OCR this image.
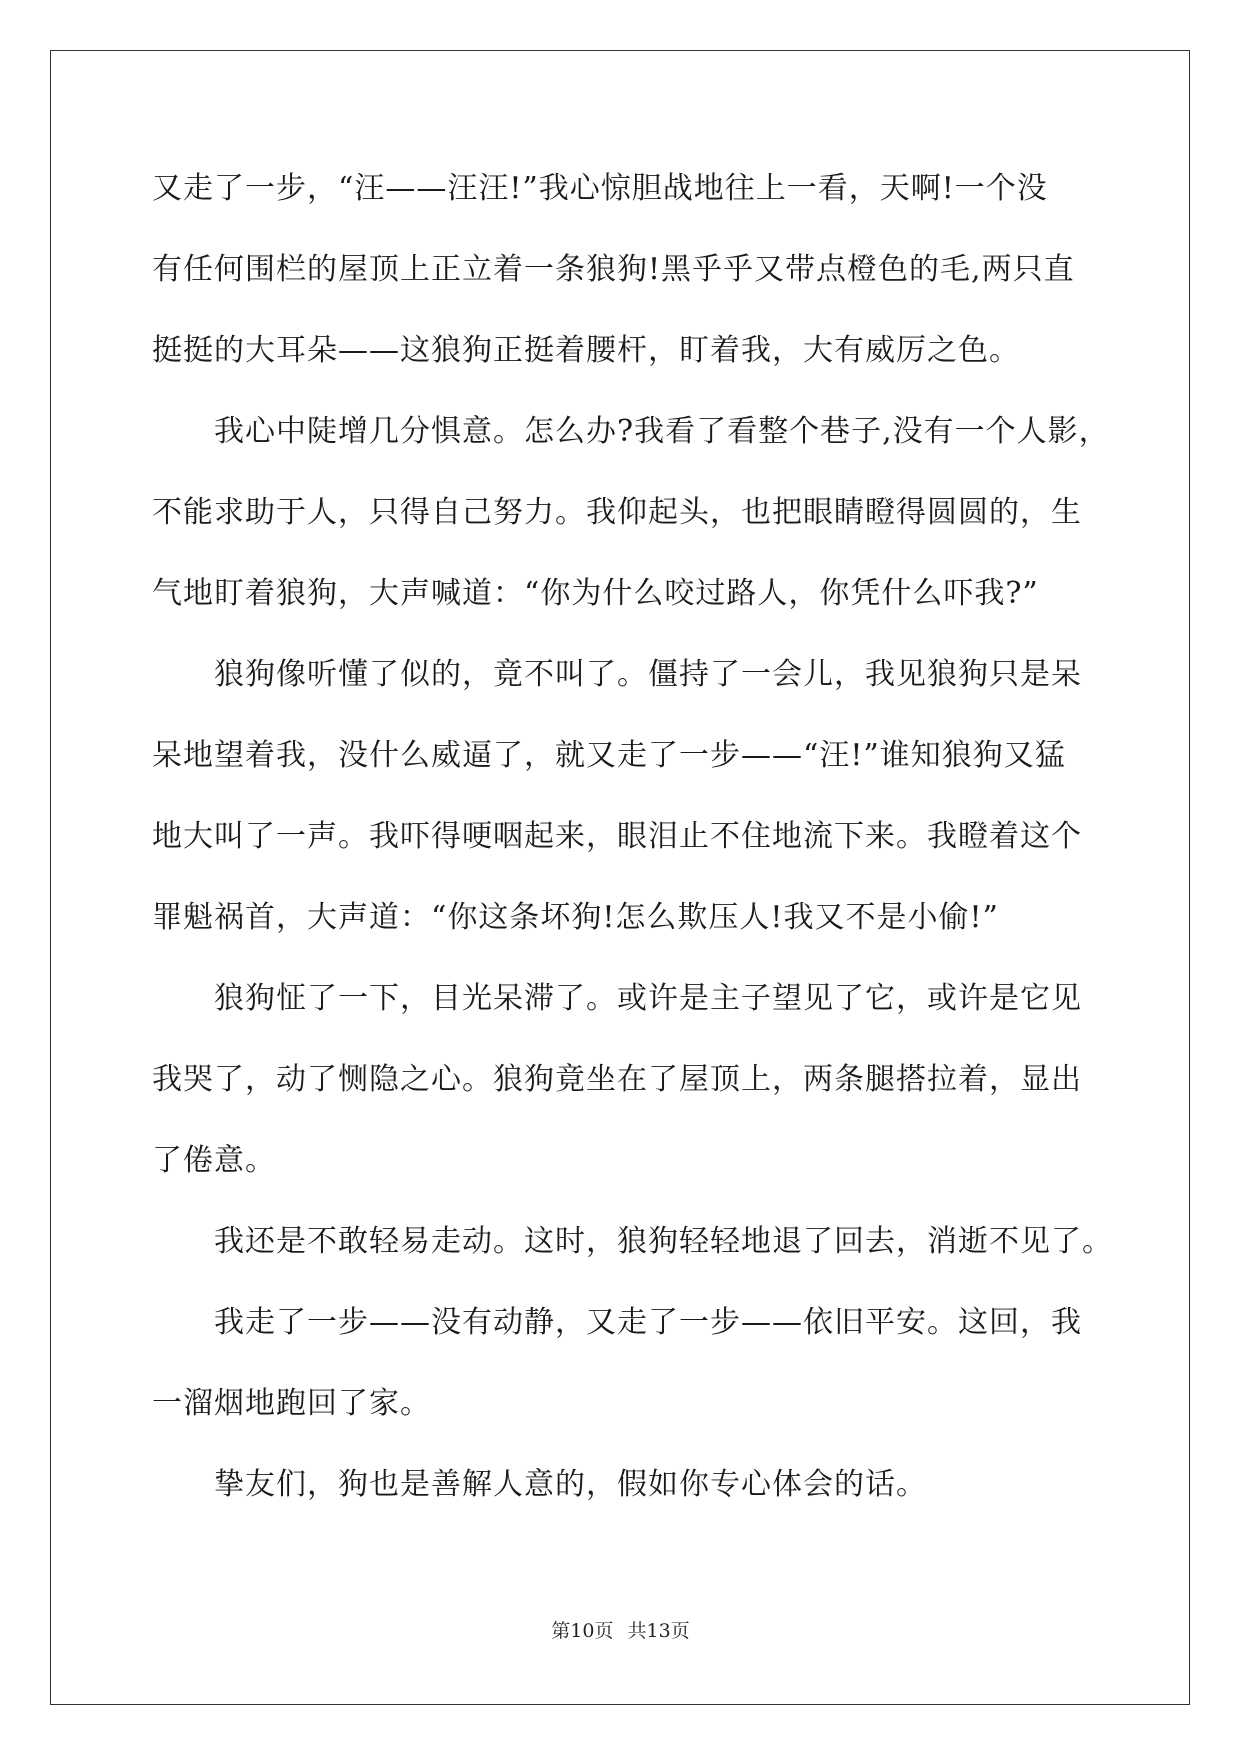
又走了一步，“汪——汪汪!”我心惊胆战地往上一看，天啊!一个没
有任何围栏的屋顶上正立着一条狼狗!黑乎乎又带点橙色的毛,两只直
挺挺的大耳朵——这狼狗正挺着腰杆，盯着我，大有威厉之色。
我心中陡增几分惧意。怎么办?我看了看整个巷子,没有一个人影，
不能求助于人，只得自己努力。我仰起头，也把眼睛瞪得圆圆的，生
气地盯着狼狗，大声喊道：“你为什么咬过路人，你凭什么吓我?”
狼狗像听懂了似的，竟不叫了。僵持了一会儿，我见狼狗只是呆
呆地望着我，没什么威逼了，就又走了一步——“汪!”谁知狼狗又猛
地大叫了一声。我吓得哽咽起来，眼泪止不住地流下来。我瞪着这个
罪魁祸首，大声道：“你这条坏狗!怎么欺压人!我又不是小偷!”
狼狗怔了一下，目光呆滞了。或许是主子望见了它，或许是它见
我哭了，动了恻隐之心。狼狗竟坐在了屋顶上，两条腿搭拉着，显出
了倦意。
我还是不敢轻易走动。这时，狼狗轻轻地退了回去，消逝不见了。
我走了一步——没有动静，又走了一步——依旧平安。这回，我
一溜烟地跑回了家。
挚友们，狗也是善解人意的，假如你专心体会的话。
第10页 共13页
